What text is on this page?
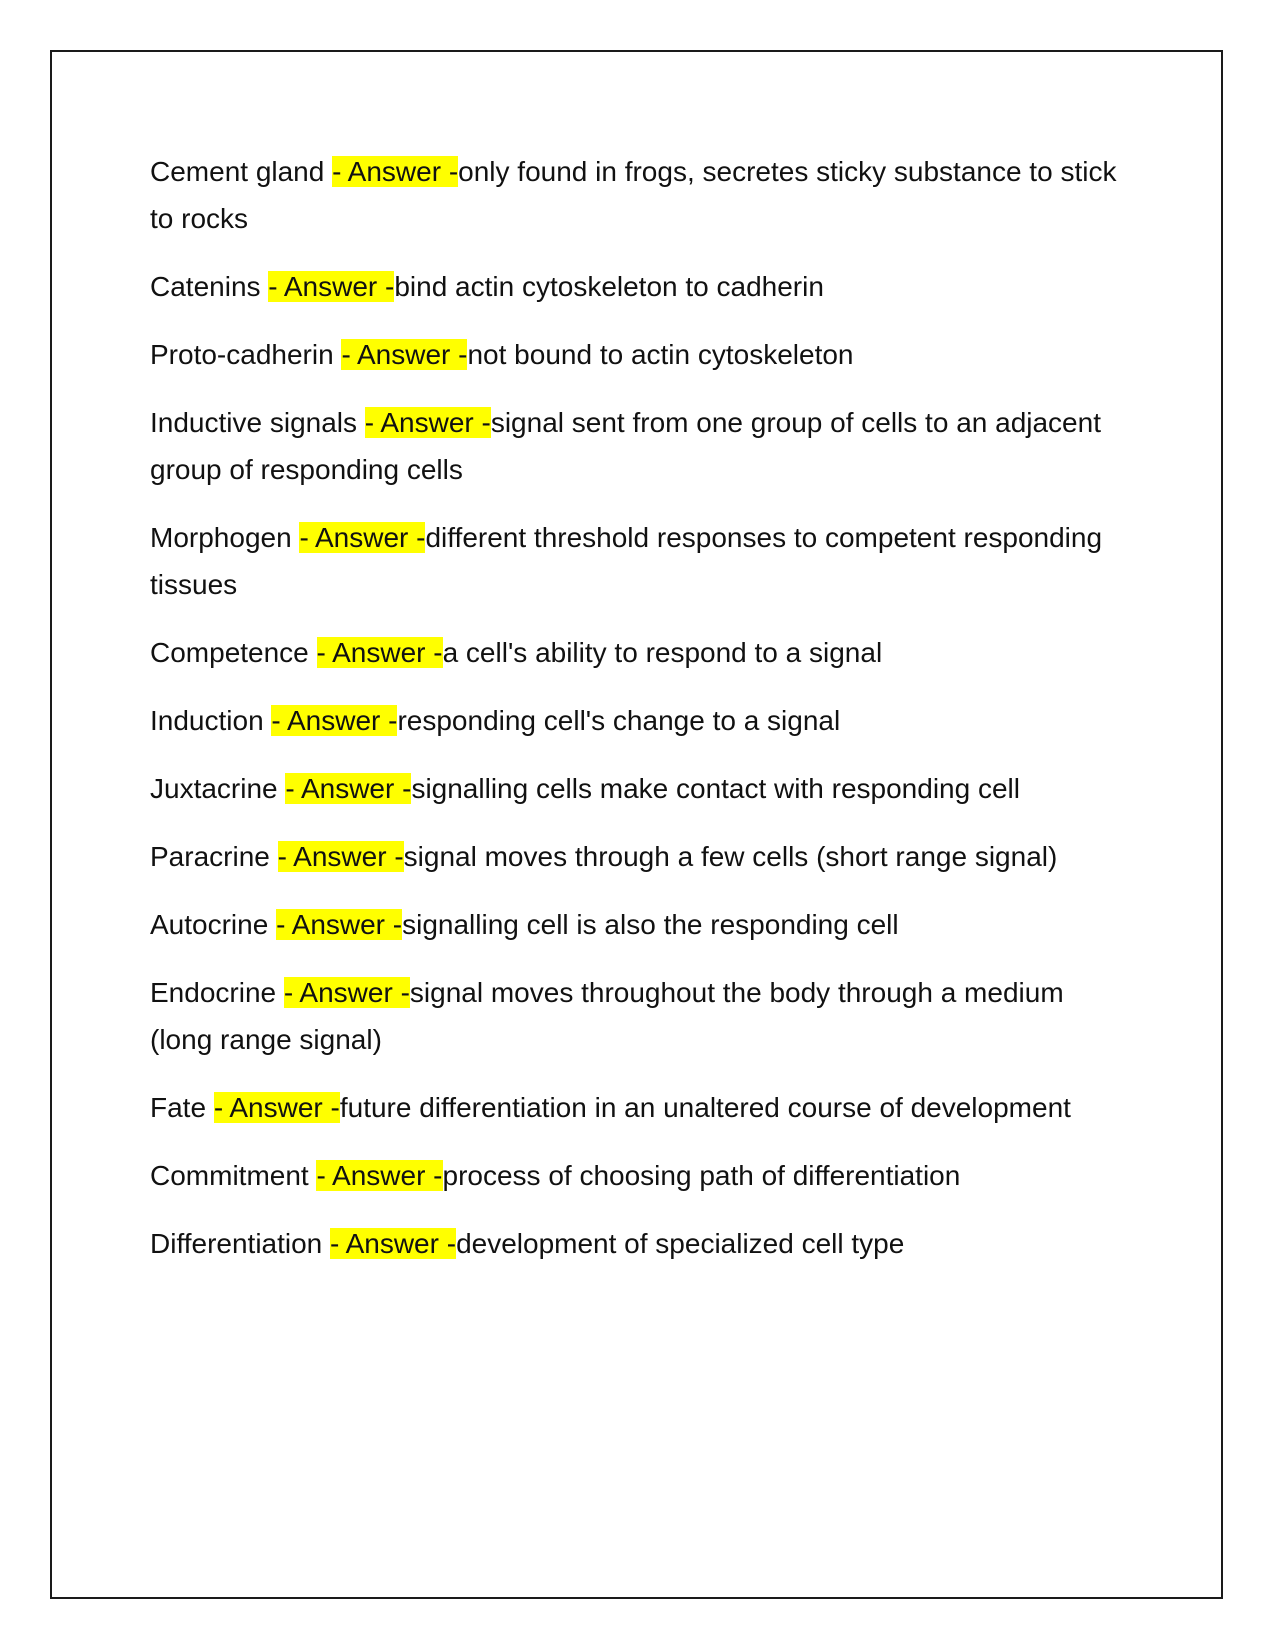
Cement gland - Answer -only found in frogs, secretes sticky substance to stick to rocks

Catenins - Answer -bind actin cytoskeleton to cadherin

Proto-cadherin - Answer -not bound to actin cytoskeleton

Inductive signals - Answer -signal sent from one group of cells to an adjacent group of responding cells

Morphogen - Answer -different threshold responses to competent responding tissues

Competence - Answer -a cell's ability to respond to a signal

Induction - Answer -responding cell's change to a signal

Juxtacrine - Answer -signalling cells make contact with responding cell

Paracrine - Answer -signal moves through a few cells (short range signal)

Autocrine - Answer -signalling cell is also the responding cell

Endocrine - Answer -signal moves throughout the body through a medium (long range signal)

Fate - Answer -future differentiation in an unaltered course of development

Commitment - Answer -process of choosing path of differentiation

Differentiation - Answer -development of specialized cell type
